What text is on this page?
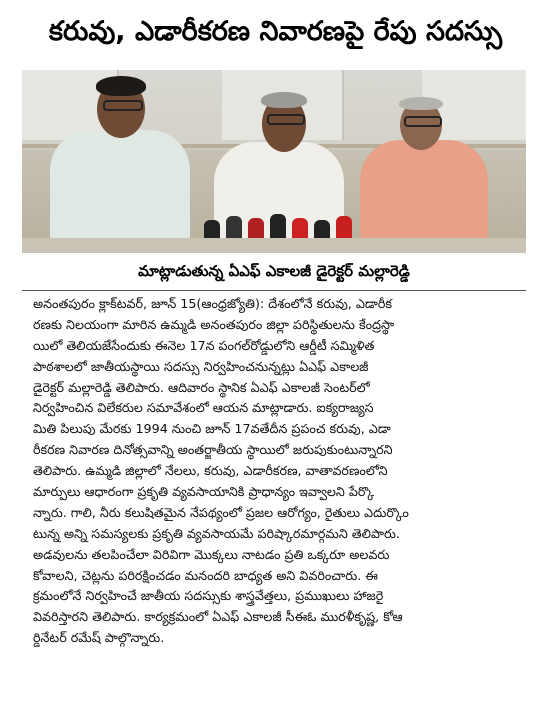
కరువు, ఎడారీకరణ నివారణపై రేపు సదస్సు
మాట్లాడుతున్న ఏఎఫ్ ఎకాలజీ డైరెక్టర్ మల్లారెడ్డి
అనంతపురం క్లాక్‌టవర్, జూన్ 15(ఆంధ్రజ్యోతి): దేశంలోనే కరువు, ఎడారీక
రణకు నిలయంగా మారిన ఉమ్మడి అనంతపురం జిల్లా పరిస్థితులను కేంద్రస్థా
యిలో తెలియజేసేందుకు ఈనెల 17న పంగల్‌రోడ్డులోని ఆర్డీటీ సమ్మిళిత
పాఠశాలలో జాతీయస్థాయి సదస్సు నిర్వహించనున్నట్లు ఏఎఫ్ ఎకాలజీ
డైరెక్టర్ మల్లారెడ్డి తెలిపారు. ఆదివారం స్థానిక ఏఎఫ్ ఎకాలజీ సెంటర్‌లో
నిర్వహించిన విలేకరుల సమావేశంలో ఆయన మాట్లాడారు. ఐక్యరాజ్యస
మితి పిలుపు మేరకు 1994 నుంచి జూన్ 17వతేదీన ప్రపంచ కరువు, ఎడా
రీకరణ నివారణ దినోత్సవాన్ని అంతర్జాతీయ స్థాయిలో జరుపుకుంటున్నారని
తెలిపారు. ఉమ్మడి జిల్లాలో నేలలు, కరువు, ఎడారీకరణ, వాతావరణంలోని
మార్పులు ఆధారంగా ప్రకృతి వ్యవసాయానికి ప్రాధాన్యం ఇవ్వాలని పేర్కొ
న్నారు. గాలి, నీరు కలుషితమైన నేపథ్యంలో ప్రజల ఆరోగ్యం, రైతులు ఎదుర్కొం
టున్న అన్ని సమస్యలకు ప్రకృతి వ్యవసాయమే పరిష్కారమార్గమని తెలిపారు.
అడవులను తలపించేలా విరివిగా మొక్కలు నాటడం ప్రతి ఒక్కరూ అలవరు
కోవాలని, చెట్లను పరిరక్షించడం మనందరి బాధ్యత అని వివరించారు. ఈ
క్రమంలోనే నిర్వహించే జాతీయ సదస్సుకు శాస్త్రవేత్తలు, ప్రముఖులు హాజరై
వివరిస్తారని తెలిపారు. కార్యక్రమంలో ఏఎఫ్ ఎకాలజీ సీఈఓ మురళీకృష్ణ, కోఆ
ర్డినేటర్ రమేష్ పాల్గొన్నారు.
